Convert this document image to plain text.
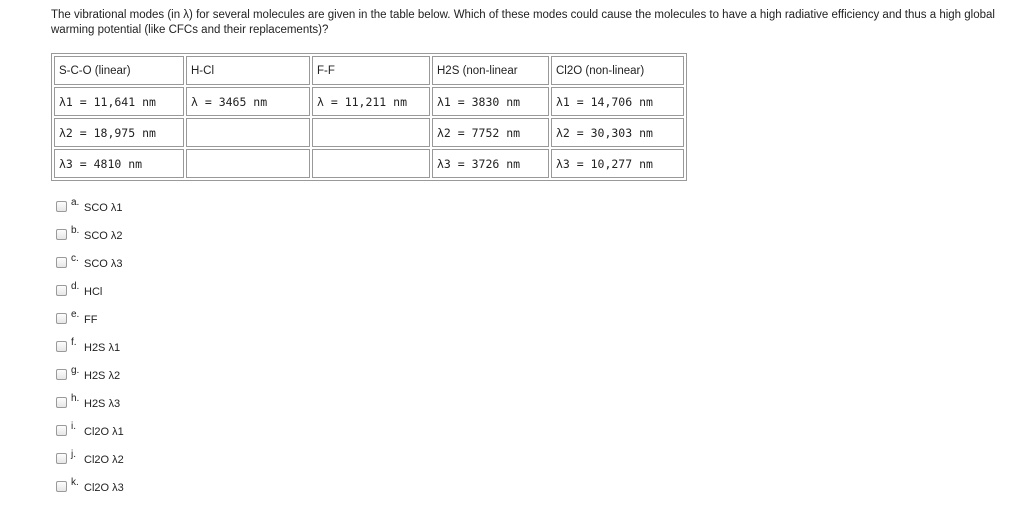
The vibrational modes (in λ) for several molecules are given in the table below. Which of these modes could cause the molecules to have a high radiative efficiency and thus a high global warming potential (like CFCs and their replacements)?
S-C-O (linear)	H-Cl	F-F	H2S (non-linear	Cl2O (non-linear)
λ1 = 11,641 nm	λ = 3465 nm	λ = 11,211 nm	λ1 = 3830 nm	λ1 = 14,706 nm
λ2 = 18,975 nm			λ2 = 7752 nm	λ2 = 30,303 nm
λ3 = 4810 nm			λ3 = 3726 nm	λ3 = 10,277 nm
a. SCO λ1
b. SCO λ2
c. SCO λ3
d. HCl
e. FF
f. H2S λ1
g. H2S λ2
h. H2S λ3
i. Cl2O λ1
j. Cl2O λ2
k. Cl2O λ3
